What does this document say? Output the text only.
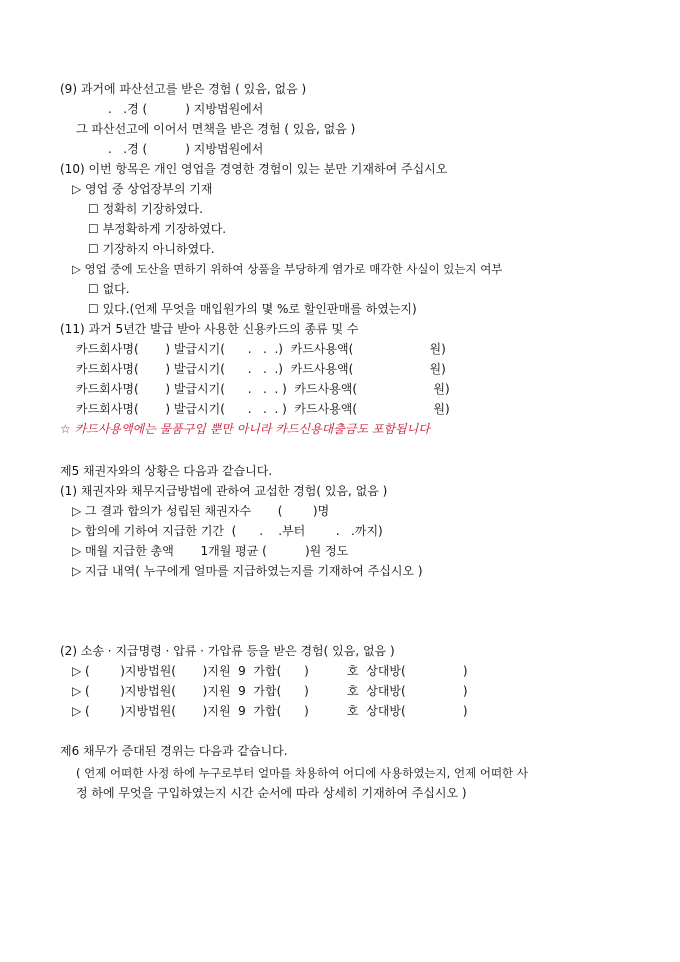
(9) 과거에 파산선고를 받은 경험 ( 있음, 없음 )
.   .경 (          ) 지방법원에서
그 파산선고에 이어서 면책을 받은 경험 ( 있음, 없음 )
.   .경 (          ) 지방법원에서
(10) 이번 항목은 개인 영업을 경영한 경험이 있는 분만 기재하여 주십시오
▷ 영업 중 상업장부의 기재
☐ 정확히 기장하였다.
☐ 부정확하게 기장하였다.
☐ 기장하지 아니하였다.
▷ 영업 중에 도산을 면하기 위하여 상품을 부당하게 염가로 매각한 사실이 있는지 여부
☐ 없다.
☐ 있다.(언제 무엇을 매입원가의 몇 %로 할인판매를 하였는지)
(11) 과거 5년간 발급 받아 사용한 신용카드의 종류 및 수
카드회사명(       ) 발급시기(      .   .  .)  카드사용액(                    원)
카드회사명(       ) 발급시기(      .   .  .)  카드사용액(                    원)
카드회사명(       ) 발급시기(      .   .  . )  카드사용액(                    원)
카드회사명(       ) 발급시기(      .   .  . )  카드사용액(                    원)
☆ 카드사용액에는 물품구입 뿐만 아니라 카드신용대출금도 포함됩니다
제5 채권자와의 상황은 다음과 같습니다.
(1) 채권자와 채무지급방법에 관하여 교섭한 경험( 있음, 없음 )
▷ 그 결과 합의가 성립된 채권자수       (        )명
▷ 합의에 기하여 지급한 기간  (      .    .부터        .   .까지)
▷ 매월 지급한 총액       1개월 평균 (          )원 정도
▷ 지급 내역( 누구에게 얼마를 지급하였는지를 기재하여 주십시오 )
(2) 소송 · 지급명령 · 압류 · 가압류 등을 받은 경험( 있음, 없음 )
▷ (        )지방법원(       )지원  9  가합(      )          호  상대방(               )
▷ (        )지방법원(       )지원  9  가합(      )          호  상대방(               )
▷ (        )지방법원(       )지원  9  가합(      )          호  상대방(               )
제6 채무가 증대된 경위는 다음과 같습니다.
( 언제 어떠한 사정 하에 누구로부터 얼마를 차용하여 어디에 사용하였는지, 언제 어떠한 사
정 하에 무엇을 구입하였는지 시간 순서에 따라 상세히 기재하여 주십시오 )
